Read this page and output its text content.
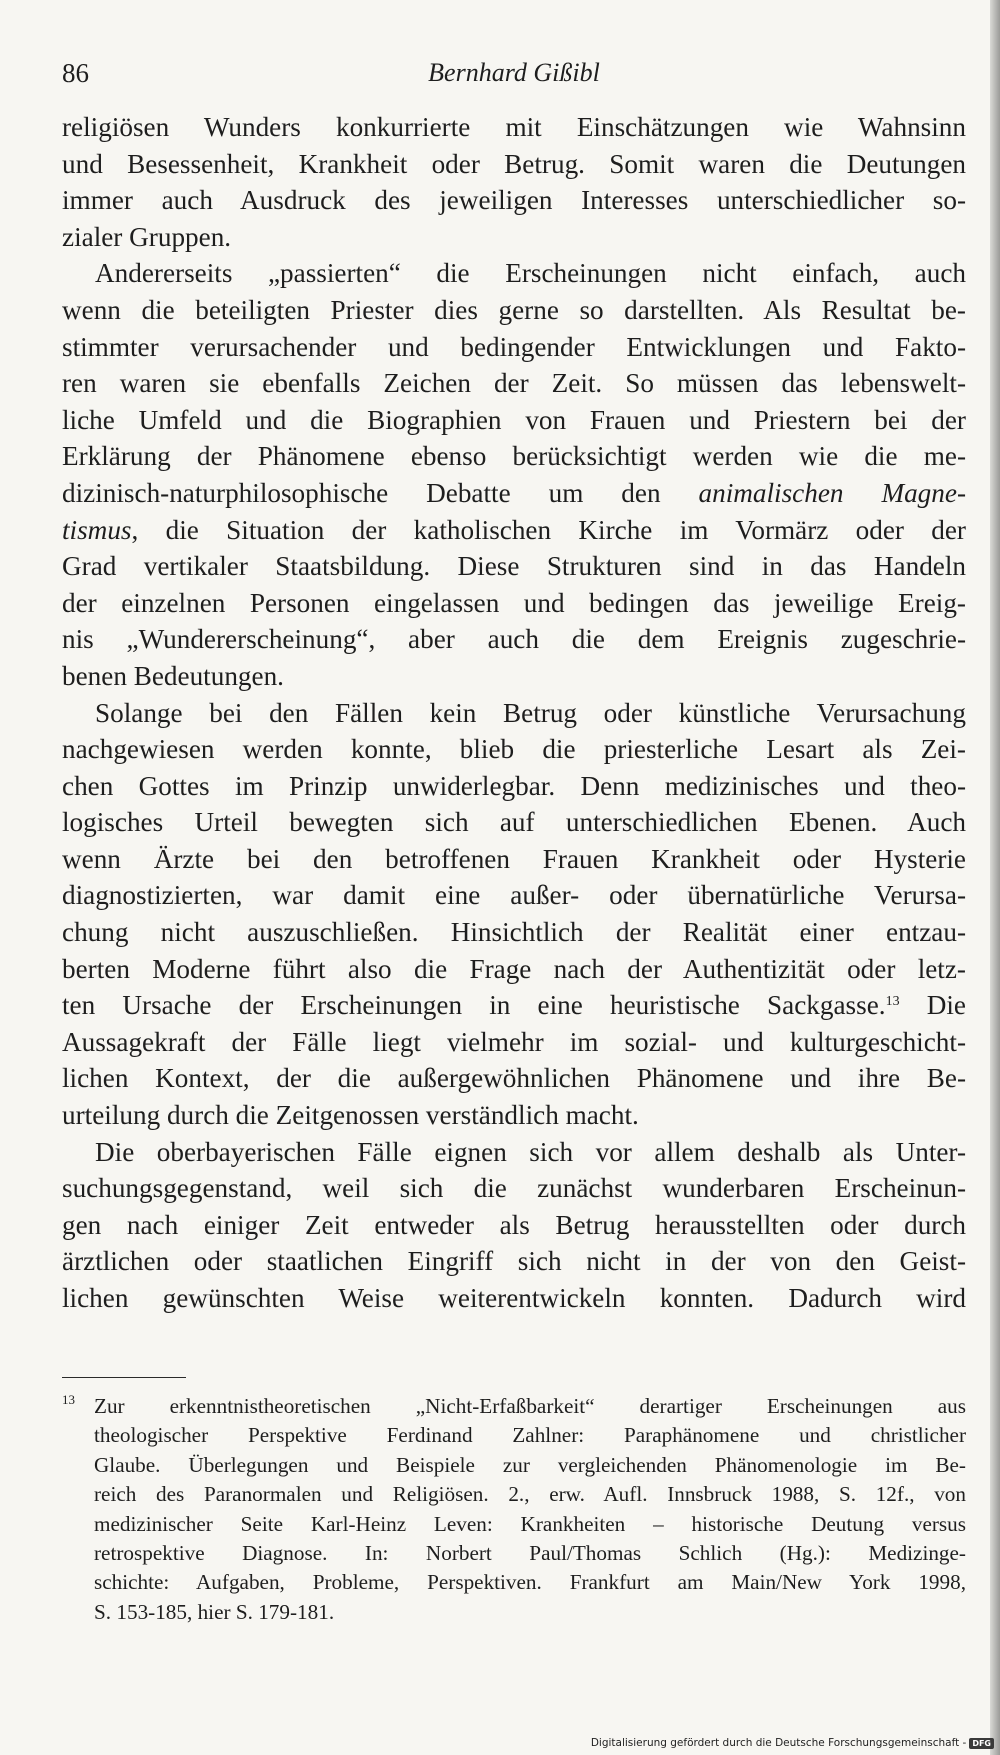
86	Bernhard Gißibl
religiösen Wunders konkurrierte mit Einschätzungen wie Wahnsinn
und Besessenheit, Krankheit oder Betrug. Somit waren die Deutungen
immer auch Ausdruck des jeweiligen Interesses unterschiedlicher so-
zialer Gruppen.
Andererseits „passierten“ die Erscheinungen nicht einfach, auch
wenn die beteiligten Priester dies gerne so darstellten. Als Resultat be-
stimmter verursachender und bedingender Entwicklungen und Fakto-
ren waren sie ebenfalls Zeichen der Zeit. So müssen das lebenswelt-
liche Umfeld und die Biographien von Frauen und Priestern bei der
Erklärung der Phänomene ebenso berücksichtigt werden wie die me-
dizinisch-naturphilosophische Debatte um den animalischen Magne-
tismus, die Situation der katholischen Kirche im Vormärz oder der
Grad vertikaler Staatsbildung. Diese Strukturen sind in das Handeln
der einzelnen Personen eingelassen und bedingen das jeweilige Ereig-
nis „Wundererscheinung“, aber auch die dem Ereignis zugeschrie-
benen Bedeutungen.
Solange bei den Fällen kein Betrug oder künstliche Verursachung
nachgewiesen werden konnte, blieb die priesterliche Lesart als Zei-
chen Gottes im Prinzip unwiderlegbar. Denn medizinisches und theo-
logisches Urteil bewegten sich auf unterschiedlichen Ebenen. Auch
wenn Ärzte bei den betroffenen Frauen Krankheit oder Hysterie
diagnostizierten, war damit eine außer- oder übernatürliche Verursa-
chung nicht auszuschließen. Hinsichtlich der Realität einer entzau-
berten Moderne führt also die Frage nach der Authentizität oder letz-
ten Ursache der Erscheinungen in eine heuristische Sackgasse.$^{13}$ Die
Aussagekraft der Fälle liegt vielmehr im sozial- und kulturgeschicht-
lichen Kontext, der die außergewöhnlichen Phänomene und ihre Be-
urteilung durch die Zeitgenossen verständlich macht.
Die oberbayerischen Fälle eignen sich vor allem deshalb als Unter-
suchungsgegenstand, weil sich die zunächst wunderbaren Erscheinun-
gen nach einiger Zeit entweder als Betrug herausstellten oder durch
ärztlichen oder staatlichen Eingriff sich nicht in der von den Geist-
lichen gewünschten Weise weiterentwickeln konnten. Dadurch wird
13 Zur erkenntnistheoretischen „Nicht-Erfaßbarkeit“ derartiger Erscheinungen aus
theologischer Perspektive Ferdinand Zahlner: Paraphänomene und christlicher
Glaube. Überlegungen und Beispiele zur vergleichenden Phänomenologie im Be-
reich des Paranormalen und Religiösen. 2., erw. Aufl. Innsbruck 1988, S. 12f., von
medizinischer Seite Karl-Heinz Leven: Krankheiten – historische Deutung versus
retrospektive Diagnose. In: Norbert Paul/Thomas Schlich (Hg.): Medizinge-
schichte: Aufgaben, Probleme, Perspektiven. Frankfurt am Main/New York 1998,
S. 153-185, hier S. 179-181.
Digitalisierung gefördert durch die Deutsche Forschungsgemeinschaft - DFG
